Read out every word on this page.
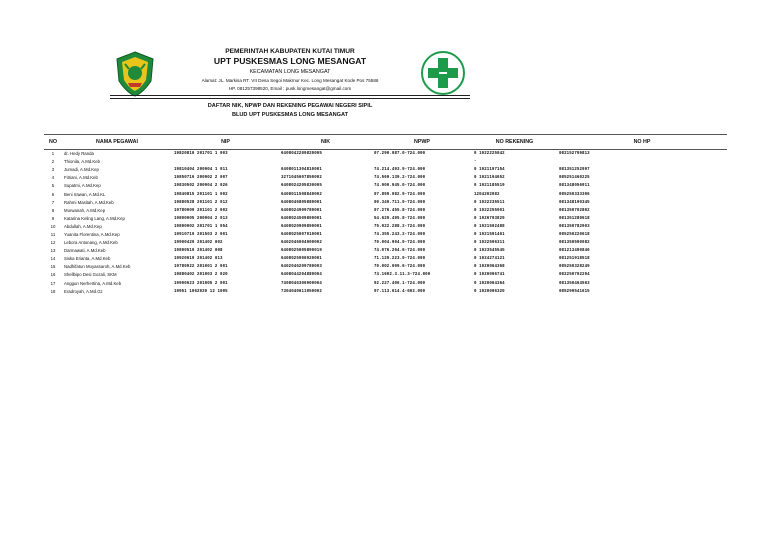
PEMERINTAH KABUPATEN KUTAI TIMUR
UPT PUSKESMAS LONG MESANGAT
KECAMATAN LONG MESANGAT
Alamat: JL. Markisa RT. VII Desa Segoi Makmur Kec. Long Mesangat Kode Pos 75586
HP. 081257398520, Email : pusk.longmesangat@gmail.com
DAFTAR NIK, NPWP DAN REKENING PEGAWAI NEGERI SIPIL
BLUD UPT PUSKESMAS LONG MESANGAT
NO	NAMA PEGAWAI	NIP	NIK	NPWP	NO REKENING	NO HP
1	dr. Hedy Randa	19820810 201701 1 003	6408042209820005	07.290.087.0-724.000	0 1922225042	082152799813
2	Thionila, A.Md.Keb				-	
3	Jumadi, A.Md.Kep	19810404 200904 1 011	6408011304810001	74.214.493.9-724.000	0 1921197154	081351252997
4	Fitriani, A.Md.Keb	19850716 200902 2 007	3271045607850002	74.569.139.2-724.000	0 1921194652	085251460225
5	Supatmi, A.Md.Kep	19830502 200904 2 026	6408024205830005	74.900.945.0-724.000	0 1921185519	081348056911
6	Beni Irawan, A.Md.KL	19840815 201101 1 002	6408011508840002	07.899.082.9-724.000	1204202082	085250333306
7	Rahmi Masitah, A.Md.Keb	19880528 201101 2 012	6408046805880001	00.340.711.0-724.000	0 1922235511	081348190345
8	Murwanah, A.Md.Kep	19780909 201101 2 002	6408024909780001	07.276.455.8-724.000	0 1922255001	081350702802
9	Katarina Keling Lang, A.Md.Kep	19800905 200904 2 013	6408024509800001	54.629.495.8-724.000	0 1926703829	081351280618
10	Abdullah, A.Md.Kep	19890902 201701 1 054	6408020909890001	75.922.288.2-724.000	0 1921502488	081350782903
11	Yuanita Florentina, A.Md.Kep	19910710 201503 2 001	6408025007910001	74.355.243.2-724.000	0 1921591461	085250220618
12	Lebora Antonang, A.Md.Keb	19900420 201402 002	6402046004900002	70.004.904.0-724.000	0 1922596311	081350590082
13	Darmawati, A.Md.Keb	19890510 201402 008	6408025005890019	74.076.264.6-724.000	0 1923545545	081213490846
14	Siska Erianta, A.Md.Keb	19920619 201402 013	6408025906920001	71.129.223.0-724.000	0 1924274121	081251918518
15	Nadhifatun Muyassaroh, A.Md.Keb	19780922 201001 2 001	6402046209780003	70.002.009.6-724.000	0 1920064368	085250328249
16	Shellbipo Desi Gozali, SKM	19880402 201903 2 020	6408044204880004	74.1602.3.11.3-724.000	0 1920006741	082250702294
17	Anggun Nerhertina, A.Md.Keb	19900623 201905 2 001	7408046306900004	92.227.406.1-724.000	0 1920064364	081350464563
18	Eradroyah, A.Md.Gz	19951 1062020 12 1005	7304040611950002	07.113.614.4-602.000	0 1920006320	085299541615
